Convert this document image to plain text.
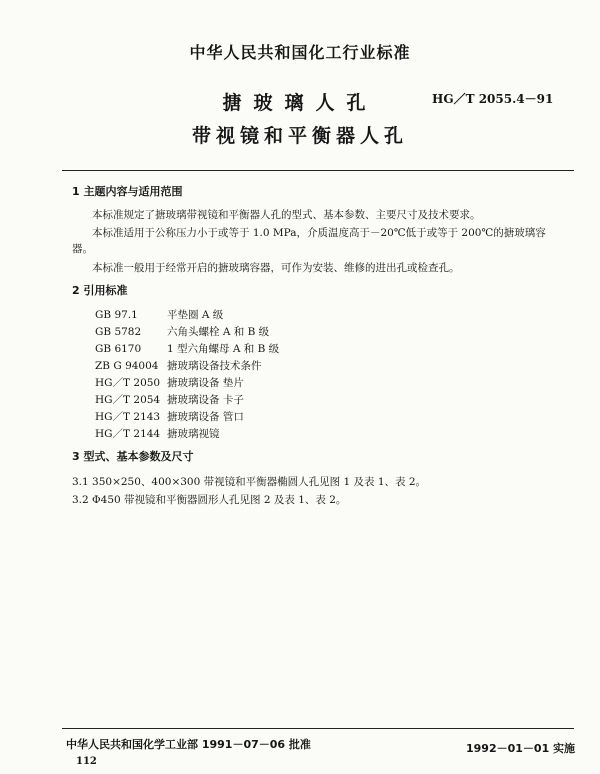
中华人民共和国化工行业标准
搪玻璃人孔	HG／T 2055.4－91
带视镜和平衡器人孔
1 主题内容与适用范围
本标准规定了搪玻璃带视镜和平衡器人孔的型式、基本参数、主要尺寸及技术要求。
本标准适用于公称压力小于或等于 1.0 MPa，介质温度高于－20℃低于或等于 200℃的搪玻璃容
器。
本标准一般用于经常开启的搪玻璃容器，可作为安装、维修的进出孔或检查孔。
2 引用标准
GB 97.1	平垫圈 A 级
GB 5782 六角头螺栓 A 和 B 级
GB 6170 1 型六角螺母 A 和 B 级
ZB G 94004 搪玻璃设备技术条件
HG／T 2050 搪玻璃设备 垫片
HG／T 2054 搪玻璃设备 卡子
HG／T 2143 搪玻璃设备 管口
HG／T 2144 搪玻璃视镜
3 型式、基本参数及尺寸
3.1 350×250、400×300 带视镜和平衡器椭圆人孔见图 1 及表 1、表 2。
3.2 Φ450 带视镜和平衡器圆形人孔见图 2 及表 1、表 2。
中华人民共和国化学工业部 1991－07－06 批准	1992－01－01 实施
112
